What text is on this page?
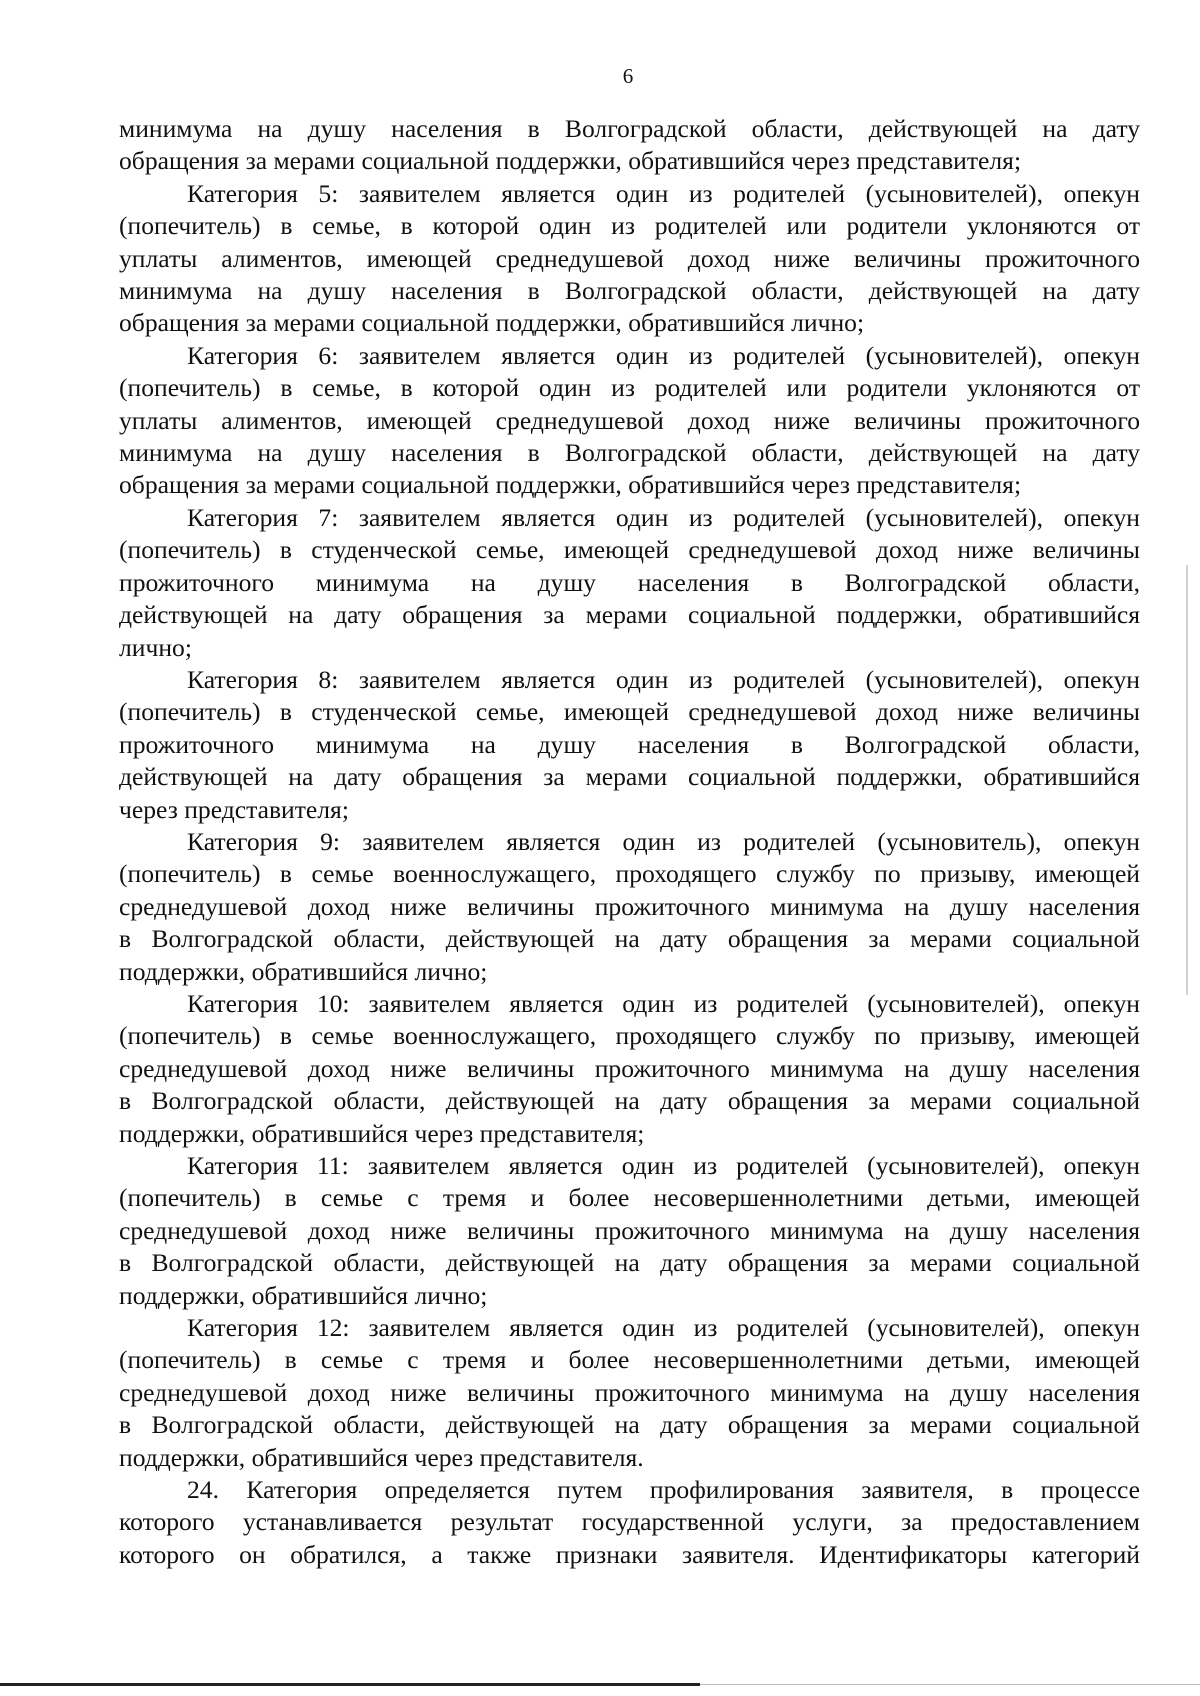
6

минимума на душу населения в Волгоградской области, действующей на дату
обращения за мерами социальной поддержки, обратившийся через представителя;

Категория 5: заявителем является один из родителей (усыновителей), опекун
(попечитель) в семье, в которой один из родителей или родители уклоняются от
уплаты алиментов, имеющей среднедушевой доход ниже величины прожиточного
минимума на душу населения в Волгоградской области, действующей на дату
обращения за мерами социальной поддержки, обратившийся лично;

Категория 6: заявителем является один из родителей (усыновителей), опекун
(попечитель) в семье, в которой один из родителей или родители уклоняются от
уплаты алиментов, имеющей среднедушевой доход ниже величины прожиточного
минимума на душу населения в Волгоградской области, действующей на дату
обращения за мерами социальной поддержки, обратившийся через представителя;

Категория 7: заявителем является один из родителей (усыновителей), опекун
(попечитель) в студенческой семье, имеющей среднедушевой доход ниже величины
прожиточного минимума на душу населения в Волгоградской области,
действующей на дату обращения за мерами социальной поддержки, обратившийся
лично;

Категория 8: заявителем является один из родителей (усыновителей), опекун
(попечитель) в студенческой семье, имеющей среднедушевой доход ниже величины
прожиточного минимума на душу населения в Волгоградской области,
действующей на дату обращения за мерами социальной поддержки, обратившийся
через представителя;

Категория 9: заявителем является один из родителей (усыновитель), опекун
(попечитель) в семье военнослужащего, проходящего службу по призыву, имеющей
среднедушевой доход ниже величины прожиточного минимума на душу населения
в Волгоградской области, действующей на дату обращения за мерами социальной
поддержки, обратившийся лично;

Категория 10: заявителем является один из родителей (усыновителей), опекун
(попечитель) в семье военнослужащего, проходящего службу по призыву, имеющей
среднедушевой доход ниже величины прожиточного минимума на душу населения
в Волгоградской области, действующей на дату обращения за мерами социальной
поддержки, обратившийся через представителя;

Категория 11: заявителем является один из родителей (усыновителей), опекун
(попечитель) в семье с тремя и более несовершеннолетними детьми, имеющей
среднедушевой доход ниже величины прожиточного минимума на душу населения
в Волгоградской области, действующей на дату обращения за мерами социальной
поддержки, обратившийся лично;

Категория 12: заявителем является один из родителей (усыновителей), опекун
(попечитель) в семье с тремя и более несовершеннолетними детьми, имеющей
среднедушевой доход ниже величины прожиточного минимума на душу населения
в Волгоградской области, действующей на дату обращения за мерами социальной
поддержки, обратившийся через представителя.

24. Категория определяется путем профилирования заявителя, в процессе
которого устанавливается результат государственной услуги, за предоставлением
которого он обратился, а также признаки заявителя. Идентификаторы категорий
